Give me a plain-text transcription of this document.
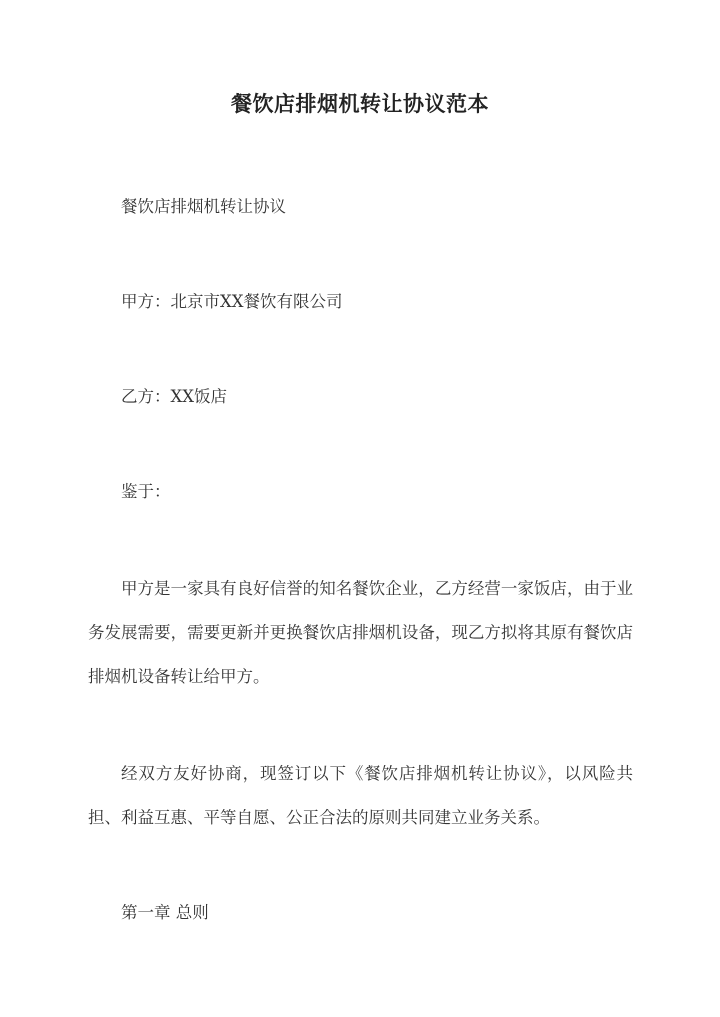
餐饮店排烟机转让协议范本

餐饮店排烟机转让协议

甲方：北京市XX餐饮有限公司

乙方：XX饭店

鉴于：

甲方是一家具有良好信誉的知名餐饮企业，乙方经营一家饭店，由于业务发展需要，需要更新并更换餐饮店排烟机设备，现乙方拟将其原有餐饮店排烟机设备转让给甲方。

经双方友好协商，现签订以下《餐饮店排烟机转让协议》，以风险共担、利益互惠、平等自愿、公正合法的原则共同建立业务关系。

第一章 总则
